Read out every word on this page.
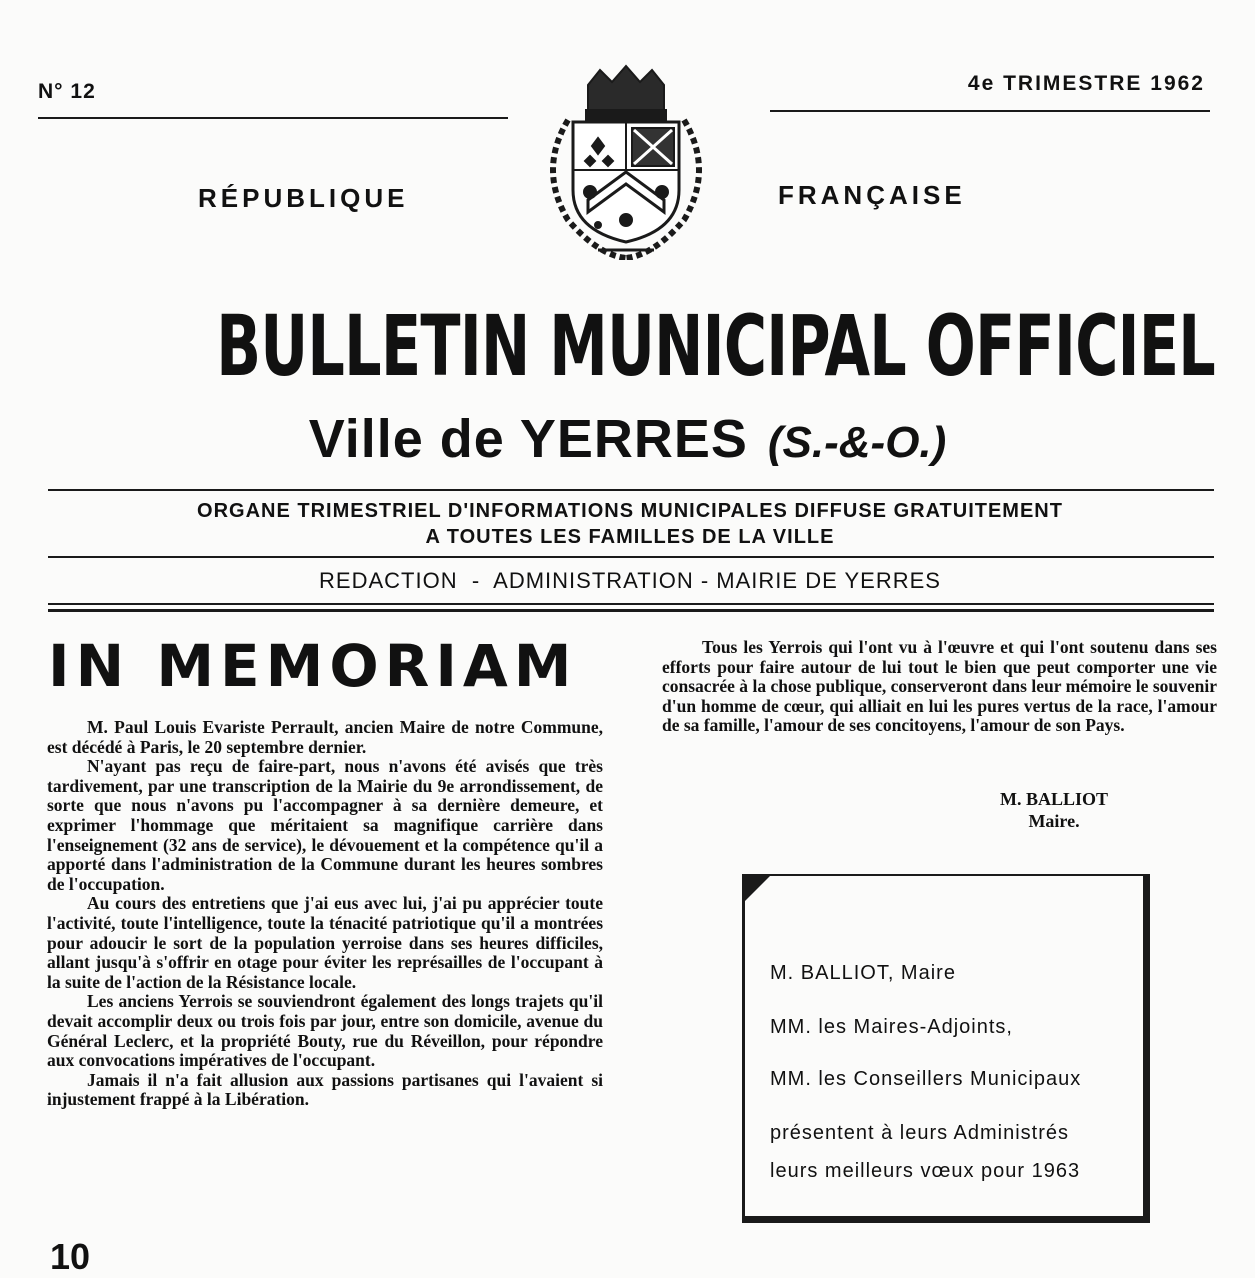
N° 12	4e TRIMESTRE 1962
RÉPUBLIQUE	FRANÇAISE
BULLETIN MUNICIPAL OFFICIEL
Ville de YERRES (S.-&-O.)
ORGANE TRIMESTRIEL D'INFORMATIONS MUNICIPALES DIFFUSE GRATUITEMENT
A TOUTES LES FAMILLES DE LA VILLE
REDACTION  -  ADMINISTRATION - MAIRIE DE YERRES
IN MEMORIAM

M. Paul Louis Evariste Perrault, ancien Maire de notre Commune, est décédé à Paris, le 20 septembre dernier.

N'ayant pas reçu de faire-part, nous n'avons été avisés que très tardivement, par une transcription de la Mairie du 9e arrondissement, de sorte que nous n'avons pu l'accompagner à sa dernière demeure, et exprimer l'hommage que méritaient sa magnifique carrière dans l'enseignement (32 ans de service), le dévouement et la compétence qu'il a apporté dans l'administration de la Commune durant les heures sombres de l'occupation.

Au cours des entretiens que j'ai eus avec lui, j'ai pu apprécier toute l'activité, toute l'intelligence, toute la ténacité patriotique qu'il a montrées pour adoucir le sort de la population yerroise dans ses heures difficiles, allant jusqu'à s'offrir en otage pour éviter les représailles de l'occupant à la suite de l'action de la Résistance locale.

Les anciens Yerrois se souviendront également des longs trajets qu'il devait accomplir deux ou trois fois par jour, entre son domicile, avenue du Général Leclerc, et la propriété Bouty, rue du Réveillon, pour répondre aux convocations impératives de l'occupant.

Jamais il n'a fait allusion aux passions partisanes qui l'avaient si injustement frappé à la Libération.

Tous les Yerrois qui l'ont vu à l'œuvre et qui l'ont soutenu dans ses efforts pour faire autour de lui tout le bien que peut comporter une vie consacrée à la chose publique, conserveront dans leur mémoire le souvenir d'un homme de cœur, qui alliait en lui les pures vertus de la race, l'amour de sa famille, l'amour de ses concitoyens, l'amour de son Pays.

M. BALLIOT
Maire.
M. BALLIOT, Maire
MM. les Maires-Adjoints,
MM. les Conseillers Municipaux
présentent à leurs Administrés
leurs meilleurs vœux pour 1963
10
